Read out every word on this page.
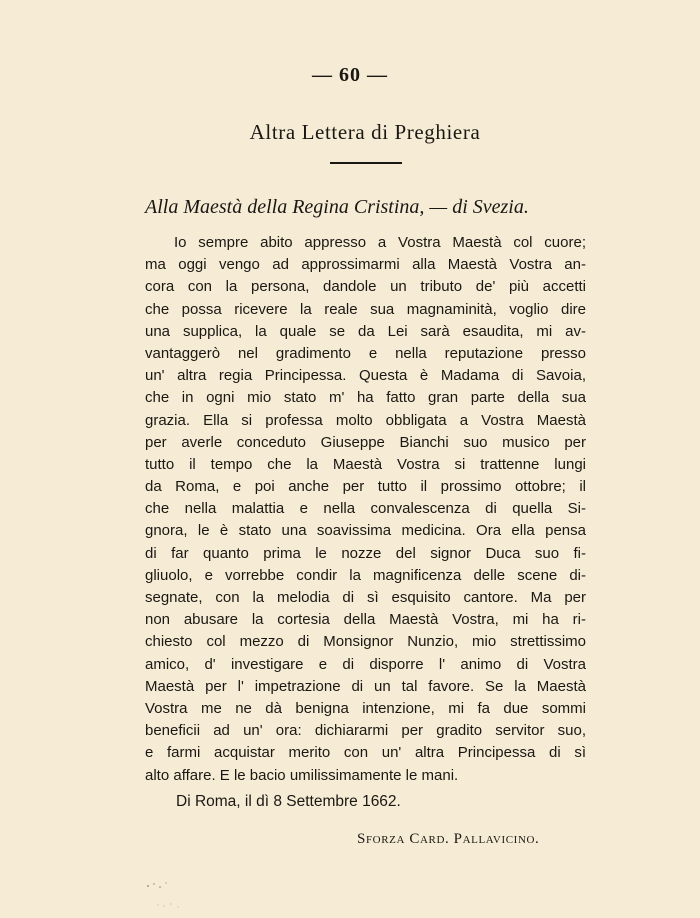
— 60 —
Altra Lettera di Preghiera
Alla Maestà della Regina Cristina, — di Svezia.
Io sempre abito appresso a Vostra Maestà col cuore;
ma oggi vengo ad approssimarmi alla Maestà Vostra an-
cora con la persona, dandole un tributo de' più accetti
che possa ricevere la reale sua magnaminità, voglio dire
una supplica, la quale se da Lei sarà esaudita, mi av-
vantaggerò nel gradimento e nella reputazione presso
un' altra regia Principessa. Questa è Madama di Savoia,
che in ogni mio stato m' ha fatto gran parte della sua
grazia. Ella si professa molto obbligata a Vostra Maestà
per averle conceduto Giuseppe Bianchi suo musico per
tutto il tempo che la Maestà Vostra si trattenne lungi
da Roma, e poi anche per tutto il prossimo ottobre; il
che nella malattia e nella convalescenza di quella Si-
gnora, le è stato una soavissima medicina. Ora ella pensa
di far quanto prima le nozze del signor Duca suo fi-
gliuolo, e vorrebbe condir la magnificenza delle scene di-
segnate, con la melodia di sì esquisito cantore. Ma per
non abusare la cortesia della Maestà Vostra, mi ha ri-
chiesto col mezzo di Monsignor Nunzio, mio strettissimo
amico, d' investigare e di disporre l' animo di Vostra
Maestà per l' impetrazione di un tal favore. Se la Maestà
Vostra me ne dà benigna intenzione, mi fa due sommi
beneficii ad un' ora: dichiararmi per gradito servitor suo,
e farmi acquistar merito con un' altra Principessa di sì
alto affare. E le bacio umilissimamente le mani.
Di Roma, il dì 8 Settembre 1662.
Sforza Card. Pallavicino.
